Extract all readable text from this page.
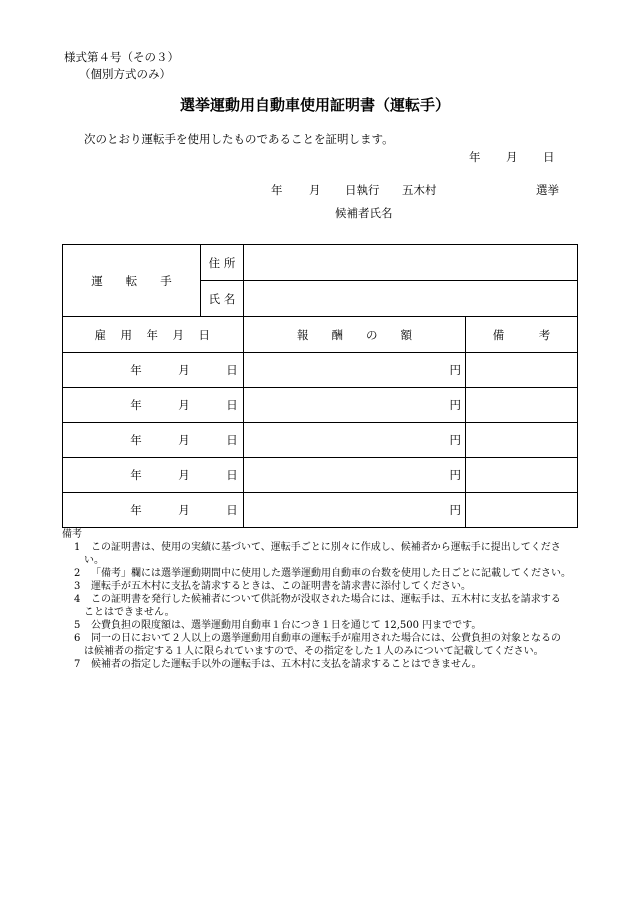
様式第４号（その３）
（個別方式のみ）
選挙運動用自動車使用証明書（運転手）
次のとおり運転手を使用したものであることを証明します。
年 月 日
年 月 日執行 五木村	選挙
候補者氏名
運　　転　　手	住 所		
	氏 名		
雇　用　年　月　日		報　　酬　　の　　額	備　　　考

年 月 日		円	

年 月 日		円	

年 月 日		円	

年 月 日		円	

年 月 日		円	
備考
1 この証明書は、使用の実績に基づいて、運転手ごとに別々に作成し、候補者から運転手に提出してくださ
い。
2 「備考」欄には選挙運動期間中に使用した選挙運動用自動車の台数を使用した日ごとに記載してください。
3 運転手が五木村に支払を請求するときは、この証明書を請求書に添付してください。
4 この証明書を発行した候補者について供託物が没収された場合には、運転手は、五木村に支払を請求する
ことはできません。
5 公費負担の限度額は、選挙運動用自動車１台につき１日を通じて 12,500 円までです。
6 同一の日において２人以上の選挙運動用自動車の運転手が雇用された場合には、公費負担の対象となるの
は候補者の指定する１人に限られていますので、その指定をした１人のみについて記載してください。
7 候補者の指定した運転手以外の運転手は、五木村に支払を請求することはできません。
